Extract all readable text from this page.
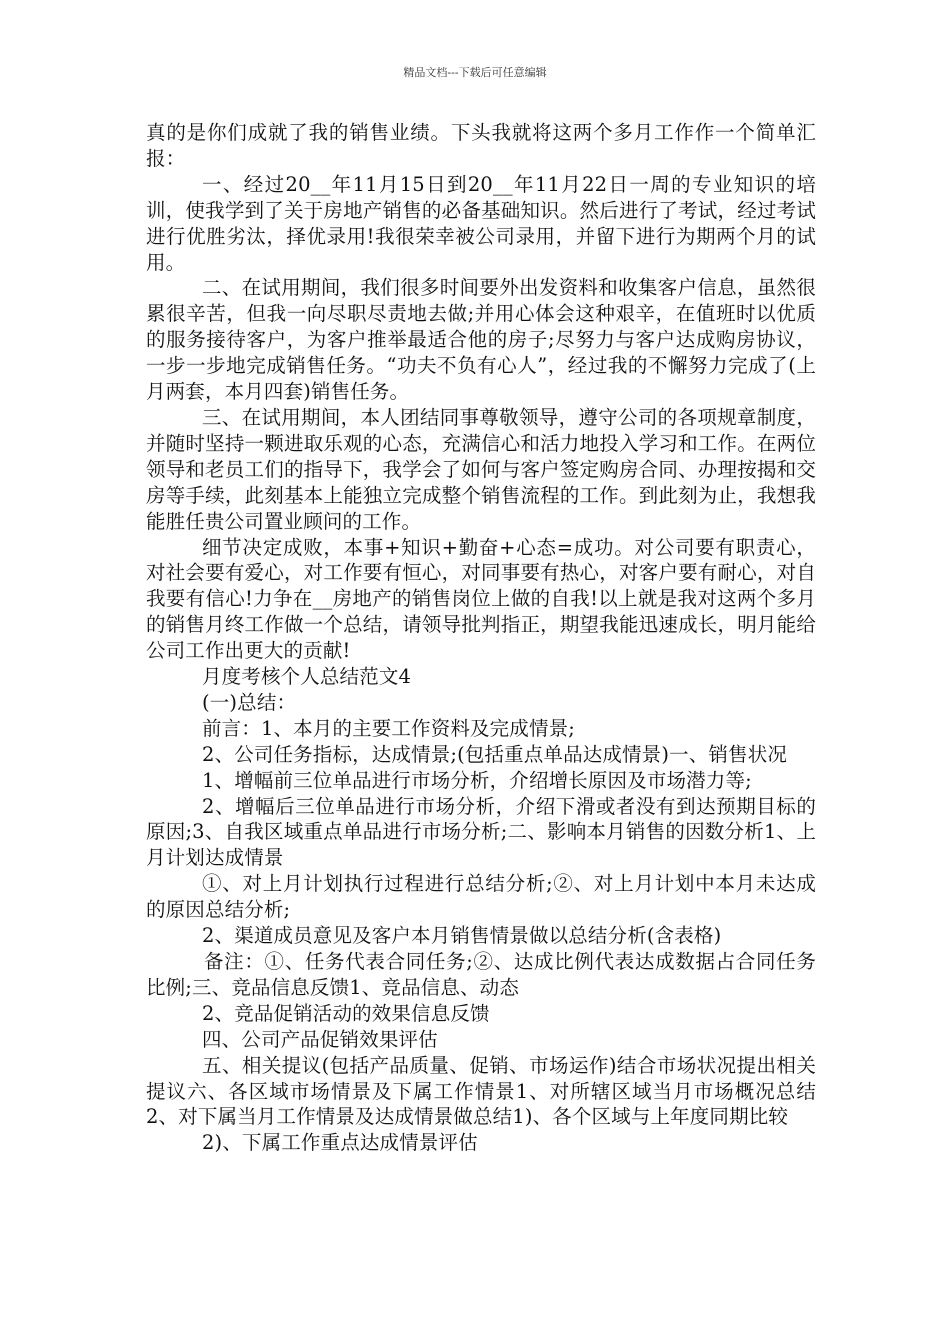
精品文档---下载后可任意编辑

真的是你们成就了我的销售业绩。下头我就将这两个多月工作作一个简单汇报：

一、经过20__年11月15日到20__年11月22日一周的专业知识的培训，使我学到了关于房地产销售的必备基础知识。然后进行了考试，经过考试进行优胜劣汰，择优录用!我很荣幸被公司录用，并留下进行为期两个月的试用。

二、在试用期间，我们很多时间要外出发资料和收集客户信息，虽然很累很辛苦，但我一向尽职尽责地去做;并用心体会这种艰辛，在值班时以优质的服务接待客户，为客户推举最适合他的房子;尽努力与客户达成购房协议，一步一步地完成销售任务。“功夫不负有心人”，经过我的不懈努力完成了(上月两套，本月四套)销售任务。

三、在试用期间，本人团结同事尊敬领导，遵守公司的各项规章制度，并随时坚持一颗进取乐观的心态，充满信心和活力地投入学习和工作。在两位领导和老员工们的指导下，我学会了如何与客户签定购房合同、办理按揭和交房等手续，此刻基本上能独立完成整个销售流程的工作。到此刻为止，我想我能胜任贵公司置业顾问的工作。

细节决定成败，本事+知识+勤奋+心态=成功。对公司要有职责心，对社会要有爱心，对工作要有恒心，对同事要有热心，对客户要有耐心，对自我要有信心!力争在__房地产的销售岗位上做的自我!以上就是我对这两个多月的销售月终工作做一个总结，请领导批判指正，期望我能迅速成长，明月能给公司工作出更大的贡献!

月度考核个人总结范文4

(一)总结：

前言：1、本月的主要工作资料及完成情景;

2、公司任务指标，达成情景;(包括重点单品达成情景)一、销售状况

1、增幅前三位单品进行市场分析，介绍增长原因及市场潜力等;

2、增幅后三位单品进行市场分析，介绍下滑或者没有到达预期目标的原因;3、自我区域重点单品进行市场分析;二、影响本月销售的因数分析1、上月计划达成情景

①、对上月计划执行过程进行总结分析;②、对上月计划中本月未达成的原因总结分析;

2、渠道成员意见及客户本月销售情景做以总结分析(含表格)

备注：①、任务代表合同任务;②、达成比例代表达成数据占合同任务比例;三、竞品信息反馈1、竞品信息、动态

2、竞品促销活动的效果信息反馈

四、公司产品促销效果评估

五、相关提议(包括产品质量、促销、市场运作)结合市场状况提出相关提议六、各区域市场情景及下属工作情景1、对所辖区域当月市场概况总结2、对下属当月工作情景及达成情景做总结1)、各个区域与上年度同期比较

2)、下属工作重点达成情景评估
